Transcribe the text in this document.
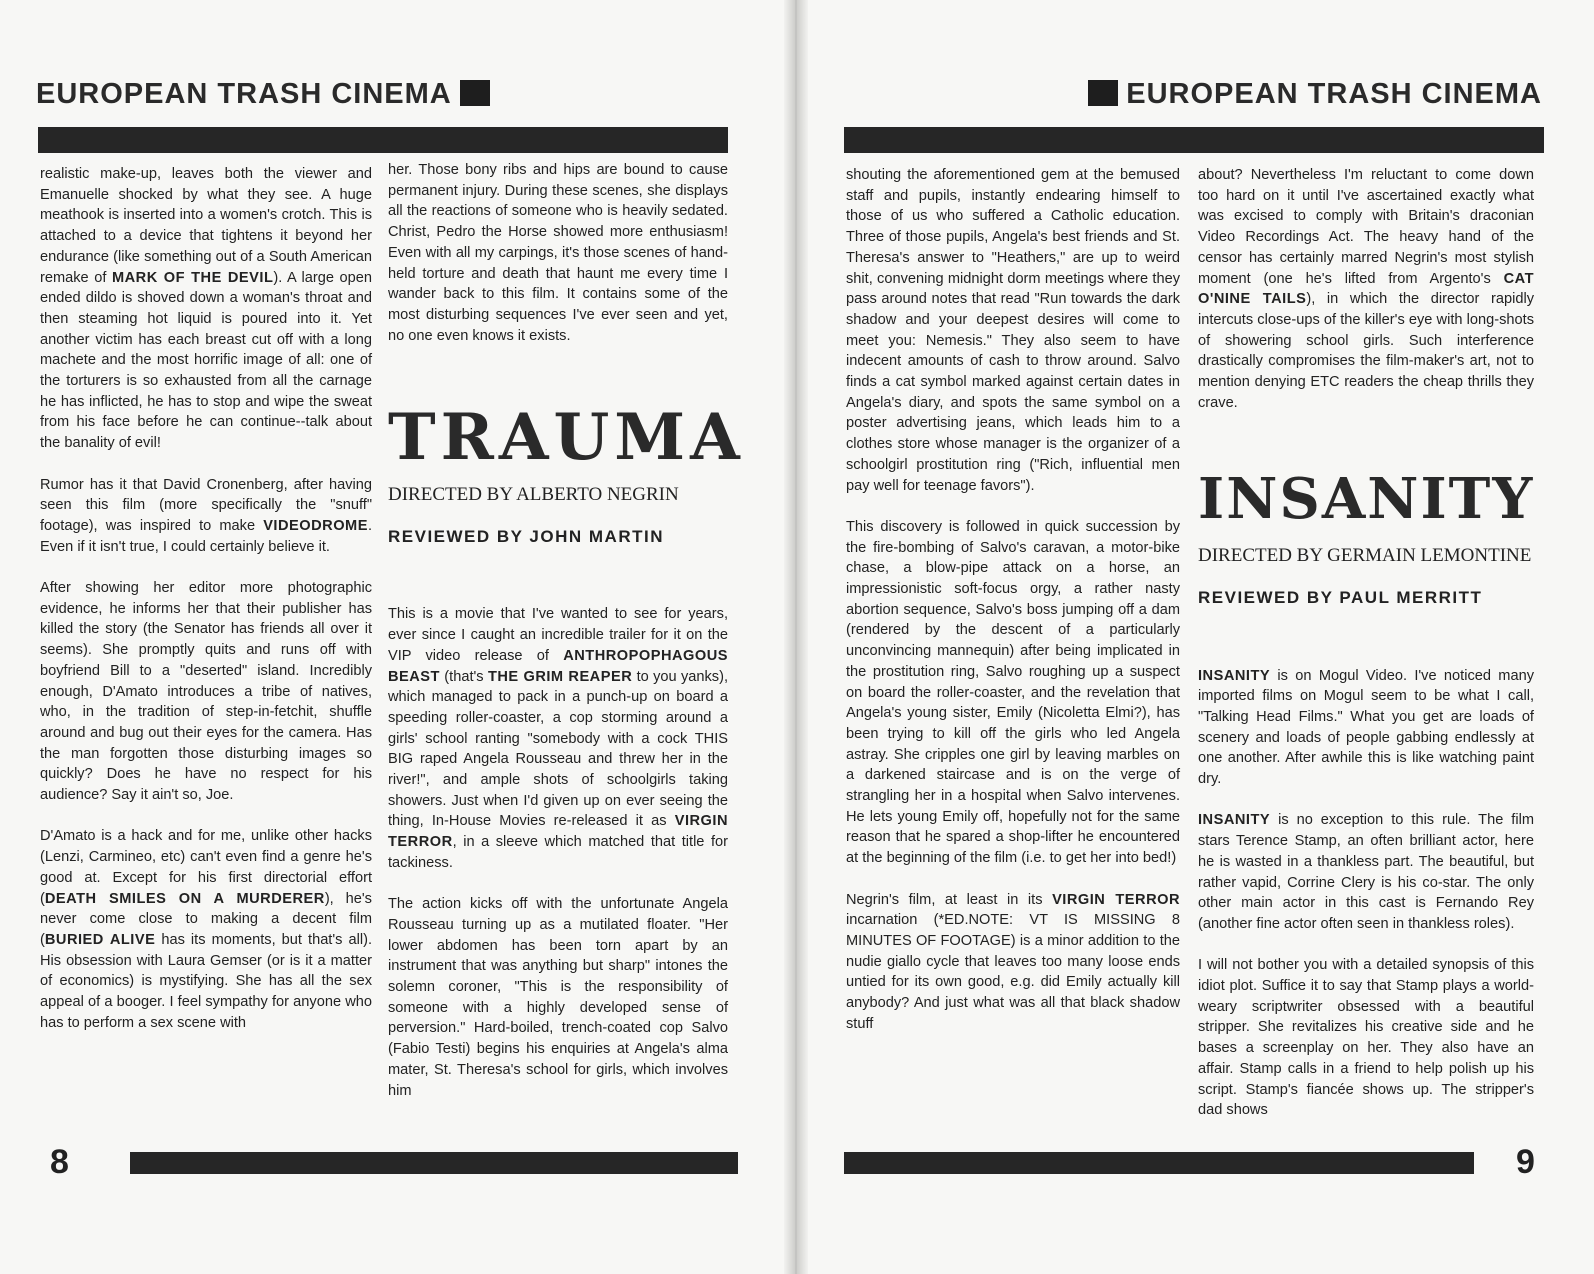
EUROPEAN TRASH CINEMA

realistic make-up, leaves both the viewer and Emanuelle shocked by what they see. A huge meathook is inserted into a women's crotch. This is attached to a device that tightens it beyond her endurance (like something out of a South American remake of MARK OF THE DEVIL). A large open ended dildo is shoved down a woman's throat and then steaming hot liquid is poured into it. Yet another victim has each breast cut off with a long machete and the most horrific image of all: one of the torturers is so exhausted from all the carnage he has inflicted, he has to stop and wipe the sweat from his face before he can continue--talk about the banality of evil!

Rumor has it that David Cronenberg, after having seen this film (more specifically the "snuff" footage), was inspired to make VIDEODROME. Even if it isn't true, I could certainly believe it.

After showing her editor more photographic evidence, he informs her that their publisher has killed the story (the Senator has friends all over it seems). She promptly quits and runs off with boyfriend Bill to a "deserted" island. Incredibly enough, D'Amato introduces a tribe of natives, who, in the tradition of step-in-fetchit, shuffle around and bug out their eyes for the camera. Has the man forgotten those disturbing images so quickly? Does he have no respect for his audience? Say it ain't so, Joe.

D'Amato is a hack and for me, unlike other hacks (Lenzi, Carmineo, etc) can't even find a genre he's good at. Except for his first directorial effort (DEATH SMILES ON A MURDERER), he's never come close to making a decent film (BURIED ALIVE has its moments, but that's all). His obsession with Laura Gemser (or is it a matter of economics) is mystifying. She has all the sex appeal of a booger. I feel sympathy for anyone who has to perform a sex scene with

her. Those bony ribs and hips are bound to cause permanent injury. During these scenes, she displays all the reactions of someone who is heavily sedated. Christ, Pedro the Horse showed more enthusiasm! Even with all my carpings, it's those scenes of hand-held torture and death that haunt me every time I wander back to this film. It contains some of the most disturbing sequences I've ever seen and yet, no one even knows it exists.

TRAUMA

DIRECTED BY ALBERTO NEGRIN

REVIEWED BY JOHN MARTIN

This is a movie that I've wanted to see for years, ever since I caught an incredible trailer for it on the VIP video release of ANTHROPOPHAGOUS BEAST (that's THE GRIM REAPER to you yanks), which managed to pack in a punch-up on board a speeding roller-coaster, a cop storming around a girls' school ranting "somebody with a cock THIS BIG raped Angela Rousseau and threw her in the river!", and ample shots of schoolgirls taking showers. Just when I'd given up on ever seeing the thing, In-House Movies re-released it as VIRGIN TERROR, in a sleeve which matched that title for tackiness.

The action kicks off with the unfortunate Angela Rousseau turning up as a mutilated floater. "Her lower abdomen has been torn apart by an instrument that was anything but sharp" intones the solemn coroner, "This is the responsibility of someone with a highly developed sense of perversion." Hard-boiled, trench-coated cop Salvo (Fabio Testi) begins his enquiries at Angela's alma mater, St. Theresa's school for girls, which involves him

8
EUROPEAN TRASH CINEMA

shouting the aforementioned gem at the bemused staff and pupils, instantly endearing himself to those of us who suffered a Catholic education. Three of those pupils, Angela's best friends and St. Theresa's answer to "Heathers," are up to weird shit, convening midnight dorm meetings where they pass around notes that read "Run towards the dark shadow and your deepest desires will come to meet you: Nemesis." They also seem to have indecent amounts of cash to throw around. Salvo finds a cat symbol marked against certain dates in Angela's diary, and spots the same symbol on a poster advertising jeans, which leads him to a clothes store whose manager is the organizer of a schoolgirl prostitution ring ("Rich, influential men pay well for teenage favors").

This discovery is followed in quick succession by the fire-bombing of Salvo's caravan, a motor-bike chase, a blow-pipe attack on a horse, an impressionistic soft-focus orgy, a rather nasty abortion sequence, Salvo's boss jumping off a dam (rendered by the descent of a particularly unconvincing mannequin) after being implicated in the prostitution ring, Salvo roughing up a suspect on board the roller-coaster, and the revelation that Angela's young sister, Emily (Nicoletta Elmi?), has been trying to kill off the girls who led Angela astray. She cripples one girl by leaving marbles on a darkened staircase and is on the verge of strangling her in a hospital when Salvo intervenes. He lets young Emily off, hopefully not for the same reason that he spared a shop-lifter he encountered at the beginning of the film (i.e. to get her into bed!)

Negrin's film, at least in its VIRGIN TERROR incarnation (*ED.NOTE: VT IS MISSING 8 MINUTES OF FOOTAGE) is a minor addition to the nudie giallo cycle that leaves too many loose ends untied for its own good, e.g. did Emily actually kill anybody? And just what was all that black shadow stuff

about? Nevertheless I'm reluctant to come down too hard on it until I've ascertained exactly what was excised to comply with Britain's draconian Video Recordings Act. The heavy hand of the censor has certainly marred Negrin's most stylish moment (one he's lifted from Argento's CAT O'NINE TAILS), in which the director rapidly intercuts close-ups of the killer's eye with long-shots of showering school girls. Such interference drastically compromises the film-maker's art, not to mention denying ETC readers the cheap thrills they crave.

INSANITY

DIRECTED BY GERMAIN LEMONTINE

REVIEWED BY PAUL MERRITT

INSANITY is on Mogul Video. I've noticed many imported films on Mogul seem to be what I call, "Talking Head Films." What you get are loads of scenery and loads of people gabbing endlessly at one another. After awhile this is like watching paint dry.

INSANITY is no exception to this rule. The film stars Terence Stamp, an often brilliant actor, here he is wasted in a thankless part. The beautiful, but rather vapid, Corrine Clery is his co-star. The only other main actor in this cast is Fernando Rey (another fine actor often seen in thankless roles).

I will not bother you with a detailed synopsis of this idiot plot. Suffice it to say that Stamp plays a world-weary scriptwriter obsessed with a beautiful stripper. She revitalizes his creative side and he bases a screenplay on her. They also have an affair. Stamp calls in a friend to help polish up his script. Stamp's fiancée shows up. The stripper's dad shows

9
